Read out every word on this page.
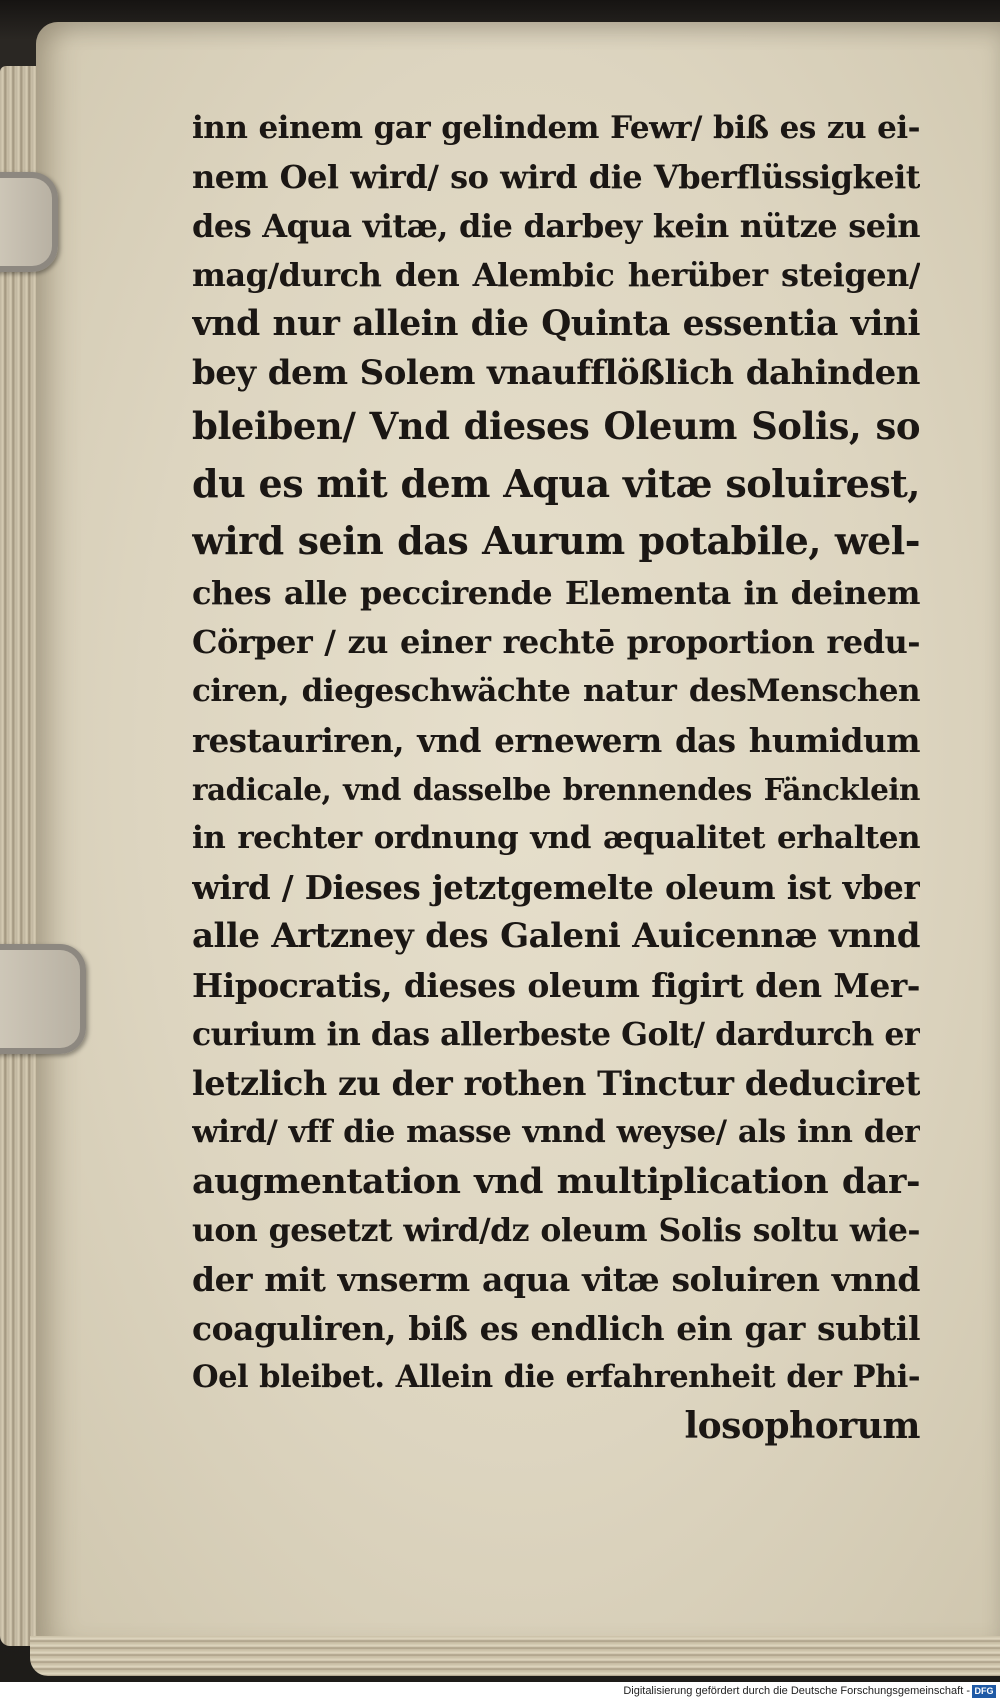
inn einem gar gelindem Fewr/ biß es zu ei-
nem Oel wird/ so wird die Vberflüssigkeit
des Aqua vitæ, die darbey kein nütze sein
mag/durch den Alembic herüber steigen/
vnd nur allein die Quinta essentia vini
bey dem Solem vnaufflößlich dahinden
bleiben/ Vnd dieses Oleum Solis, so
du es mit dem Aqua vitæ soluirest,
wird sein das Aurum potabile, wel-
ches alle peccirende Elementa in deinem
Cörper / zu einer rechtē proportion redu-
ciren, diegeschwächte natur desMenschen
restauriren, vnd ernewern das humidum
radicale, vnd dasselbe brennendes Fäncklein
in rechter ordnung vnd æqualitet erhalten
wird / Dieses jetztgemelte oleum ist vber
alle Artzney des Galeni Auicennæ vnnd
Hipocratis, dieses oleum figirt den Mer-
curium in das allerbeste Golt/ dardurch er
letzlich zu der rothen Tinctur deduciret
wird/ vff die masse vnnd weyse/ als inn der
augmentation vnd multiplication dar-
uon gesetzt wird/dz oleum Solis soltu wie-
der mit vnserm aqua vitæ soluiren vnnd
coaguliren, biß es endlich ein gar subtil
Oel bleibet. Allein die erfahrenheit der Phi-
losophorum
Digitalisierung gefördert durch die Deutsche Forschungsgemeinschaft - DFG
